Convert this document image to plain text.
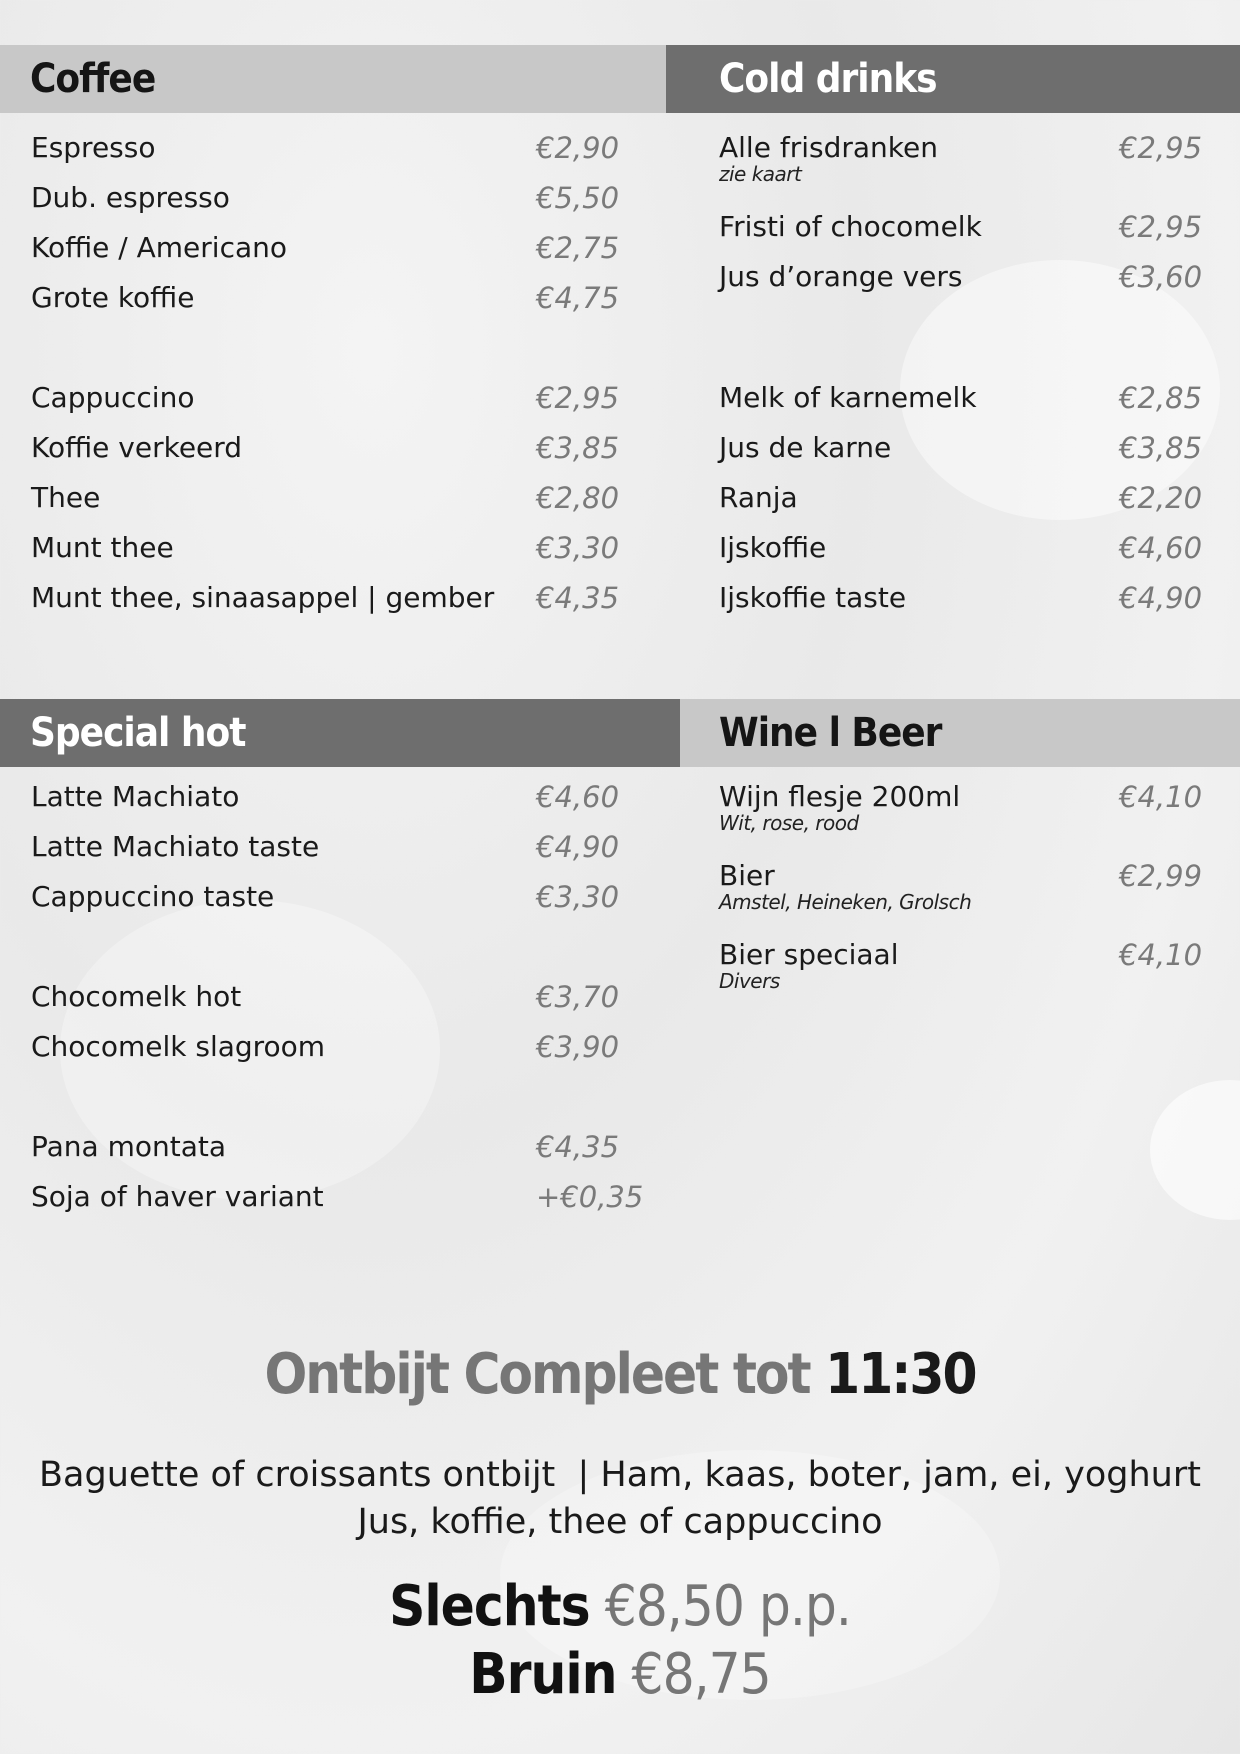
Coffee
Espresso	€2,90
Dub. espresso	€5,50
Koffie / Americano	€2,75
Grote koffie	€4,75
Cappuccino	€2,95
Koffie verkeerd	€3,85
Thee	€2,80
Munt thee	€3,30
Munt thee, sinaasappel | gember €4,35
Cold drinks
Alle frisdranken	€2,95
zie kaart
Fristi of chocomelk	€2,95
Jus d’orange vers	€3,60
Melk of karnemelk	€2,85
Jus de karne	€3,85
Ranja	€2,20
Ijskoffie	€4,60
Ijskoffie taste	€4,90
Special hot
Latte Machiato	€4,60
Latte Machiato taste	€4,90
Cappuccino taste	€3,30
Chocomelk hot	€3,70
Chocomelk slagroom	€3,90
Pana montata	€4,35
Soja of haver variant	+€0,35
Wine l Beer
Wijn flesje 200ml	€4,10
Wit, rose, rood
Bier	€2,99
Amstel, Heineken, Grolsch
Bier speciaal	€4,10
Divers
Ontbijt Compleet tot 11:30
Baguette of croissants ontbijt  | Ham, kaas, boter, jam, ei, yoghurt
Jus, koffie, thee of cappuccino
Slechts €8,50 p.p.
Bruin €8,75
